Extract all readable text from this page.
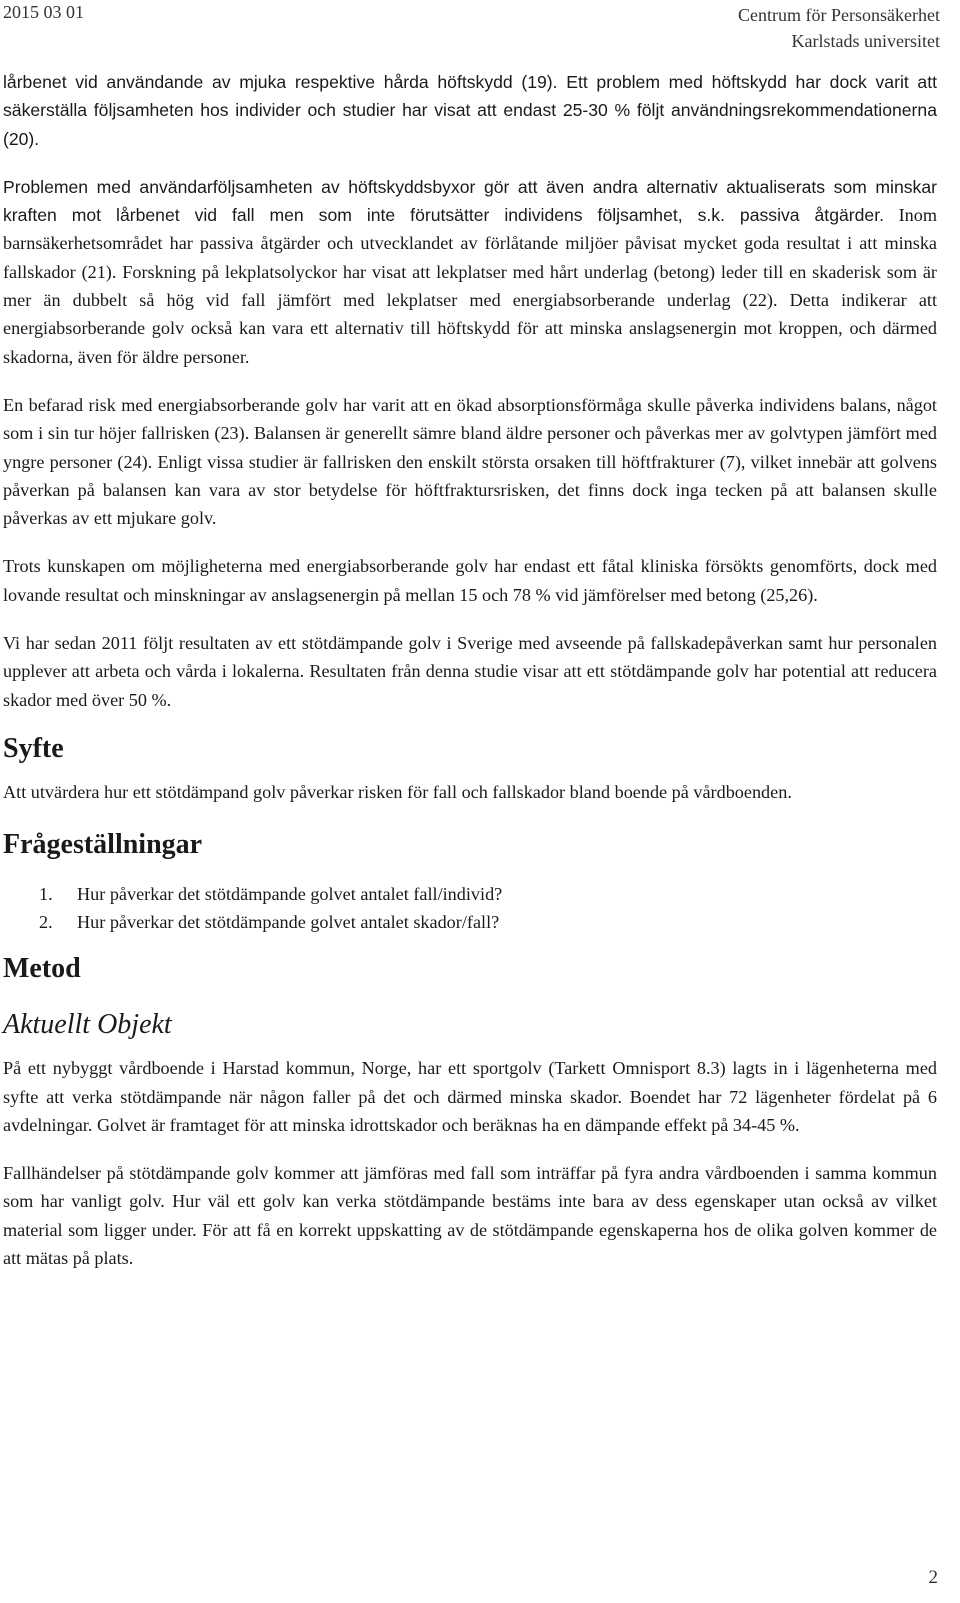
2015 03 01	Centrum för Personsäkerhet
Karlstads universitet

lårbenet vid användande av mjuka respektive hårda höftskydd (19). Ett problem med höftskydd har dock varit att säkerställa följsamheten hos individer och studier har visat att endast 25-30 % följt användningsrekommendationerna (20).

Problemen med användarföljsamheten av höftskyddsbyxor gör att även andra alternativ aktualiserats som minskar kraften mot lårbenet vid fall men som inte förutsätter individens följsamhet, s.k. passiva åtgärder. Inom barnsäkerhetsområdet har passiva åtgärder och utvecklandet av förlåtande miljöer påvisat mycket goda resultat i att minska fallskador (21). Forskning på lekplatsolyckor har visat att lekplatser med hårt underlag (betong) leder till en skaderisk som är mer än dubbelt så hög vid fall jämfört med lekplatser med energiabsorberande underlag (22). Detta indikerar att energiabsorberande golv också kan vara ett alternativ till höftskydd för att minska anslagsenergin mot kroppen, och därmed skadorna, även för äldre personer.

En befarad risk med energiabsorberande golv har varit att en ökad absorptionsförmåga skulle påverka individens balans, något som i sin tur höjer fallrisken (23). Balansen är generellt sämre bland äldre personer och påverkas mer av golvtypen jämfört med yngre personer (24). Enligt vissa studier är fallrisken den enskilt största orsaken till höftfrakturer (7), vilket innebär att golvens påverkan på balansen kan vara av stor betydelse för höftfraktursrisken, det finns dock inga tecken på att balansen skulle påverkas av ett mjukare golv.

Trots kunskapen om möjligheterna med energiabsorberande golv har endast ett fåtal kliniska försökts genomförts, dock med lovande resultat och minskningar av anslagsenergin på mellan 15 och 78 % vid jämförelser med betong (25,26).

Vi har sedan 2011 följt resultaten av ett stötdämpande golv i Sverige med avseende på fallskadepåverkan samt hur personalen upplever att arbeta och vårda i lokalerna. Resultaten från denna studie visar att ett stötdämpande golv har potential att reducera skador med över 50 %.

Syfte

Att utvärdera hur ett stötdämpand golv påverkar risken för fall och fallskador bland boende på vårdboenden.

Frågeställningar
1. Hur påverkar det stötdämpande golvet antalet fall/individ?
2. Hur påverkar det stötdämpande golvet antalet skador/fall?
Metod
Aktuellt Objekt

På ett nybyggt vårdboende i Harstad kommun, Norge, har ett sportgolv (Tarkett Omnisport 8.3) lagts in i lägenheterna med syfte att verka stötdämpande när någon faller på det och därmed minska skador. Boendet har 72 lägenheter fördelat på 6 avdelningar. Golvet är framtaget för att minska idrottskador och beräknas ha en dämpande effekt på 34-45 %.

Fallhändelser på stötdämpande golv kommer att jämföras med fall som inträffar på fyra andra vårdboenden i samma kommun som har vanligt golv. Hur väl ett golv kan verka stötdämpande bestäms inte bara av dess egenskaper utan också av vilket material som ligger under. För att få en korrekt uppskatting av de stötdämpande egenskaperna hos de olika golven kommer de att mätas på plats.

2
